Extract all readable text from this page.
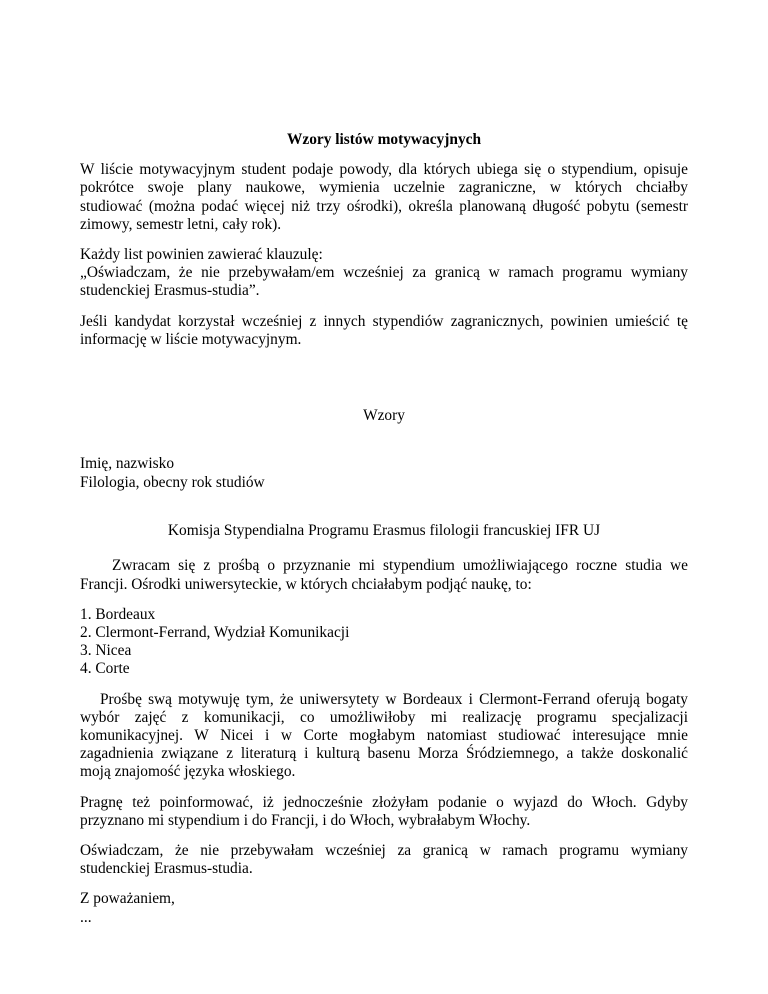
Wzory listów motywacyjnych
W liście motywacyjnym student podaje powody, dla których ubiega się o stypendium, opisuje
pokrótce swoje plany naukowe, wymienia uczelnie zagraniczne, w których chciałby
studiować (można podać więcej niż trzy ośrodki), określa planowaną długość pobytu (semestr
zimowy, semestr letni, cały rok).
Każdy list powinien zawierać klauzulę:
„Oświadczam, że nie przebywałam/em wcześniej za granicą w ramach programu wymiany
studenckiej Erasmus-studia”.
Jeśli kandydat korzystał wcześniej z innych stypendiów zagranicznych, powinien umieścić tę
informację w liście motywacyjnym.
Wzory
Imię, nazwisko
Filologia, obecny rok studiów
Komisja Stypendialna Programu Erasmus filologii francuskiej IFR UJ
Zwracam się z prośbą o przyznanie mi stypendium umożliwiającego roczne studia we
Francji. Ośrodki uniwersyteckie, w których chciałabym podjąć naukę, to:
1. Bordeaux
2. Clermont-Ferrand, Wydział Komunikacji
3. Nicea
4. Corte
Prośbę swą motywuję tym, że uniwersytety w Bordeaux i Clermont-Ferrand oferują bogaty
wybór zajęć z komunikacji, co umożliwiłoby mi realizację programu specjalizacji
komunikacyjnej. W Nicei i w Corte mogłabym natomiast studiować interesujące mnie
zagadnienia związane z literaturą i kulturą basenu Morza Śródziemnego, a także doskonalić
moją znajomość języka włoskiego.
Pragnę też poinformować, iż jednocześnie złożyłam podanie o wyjazd do Włoch. Gdyby
przyznano mi stypendium i do Francji, i do Włoch, wybrałabym Włochy.
Oświadczam, że nie przebywałam wcześniej za granicą w ramach programu wymiany
studenckiej Erasmus-studia.
Z poważaniem,
...
